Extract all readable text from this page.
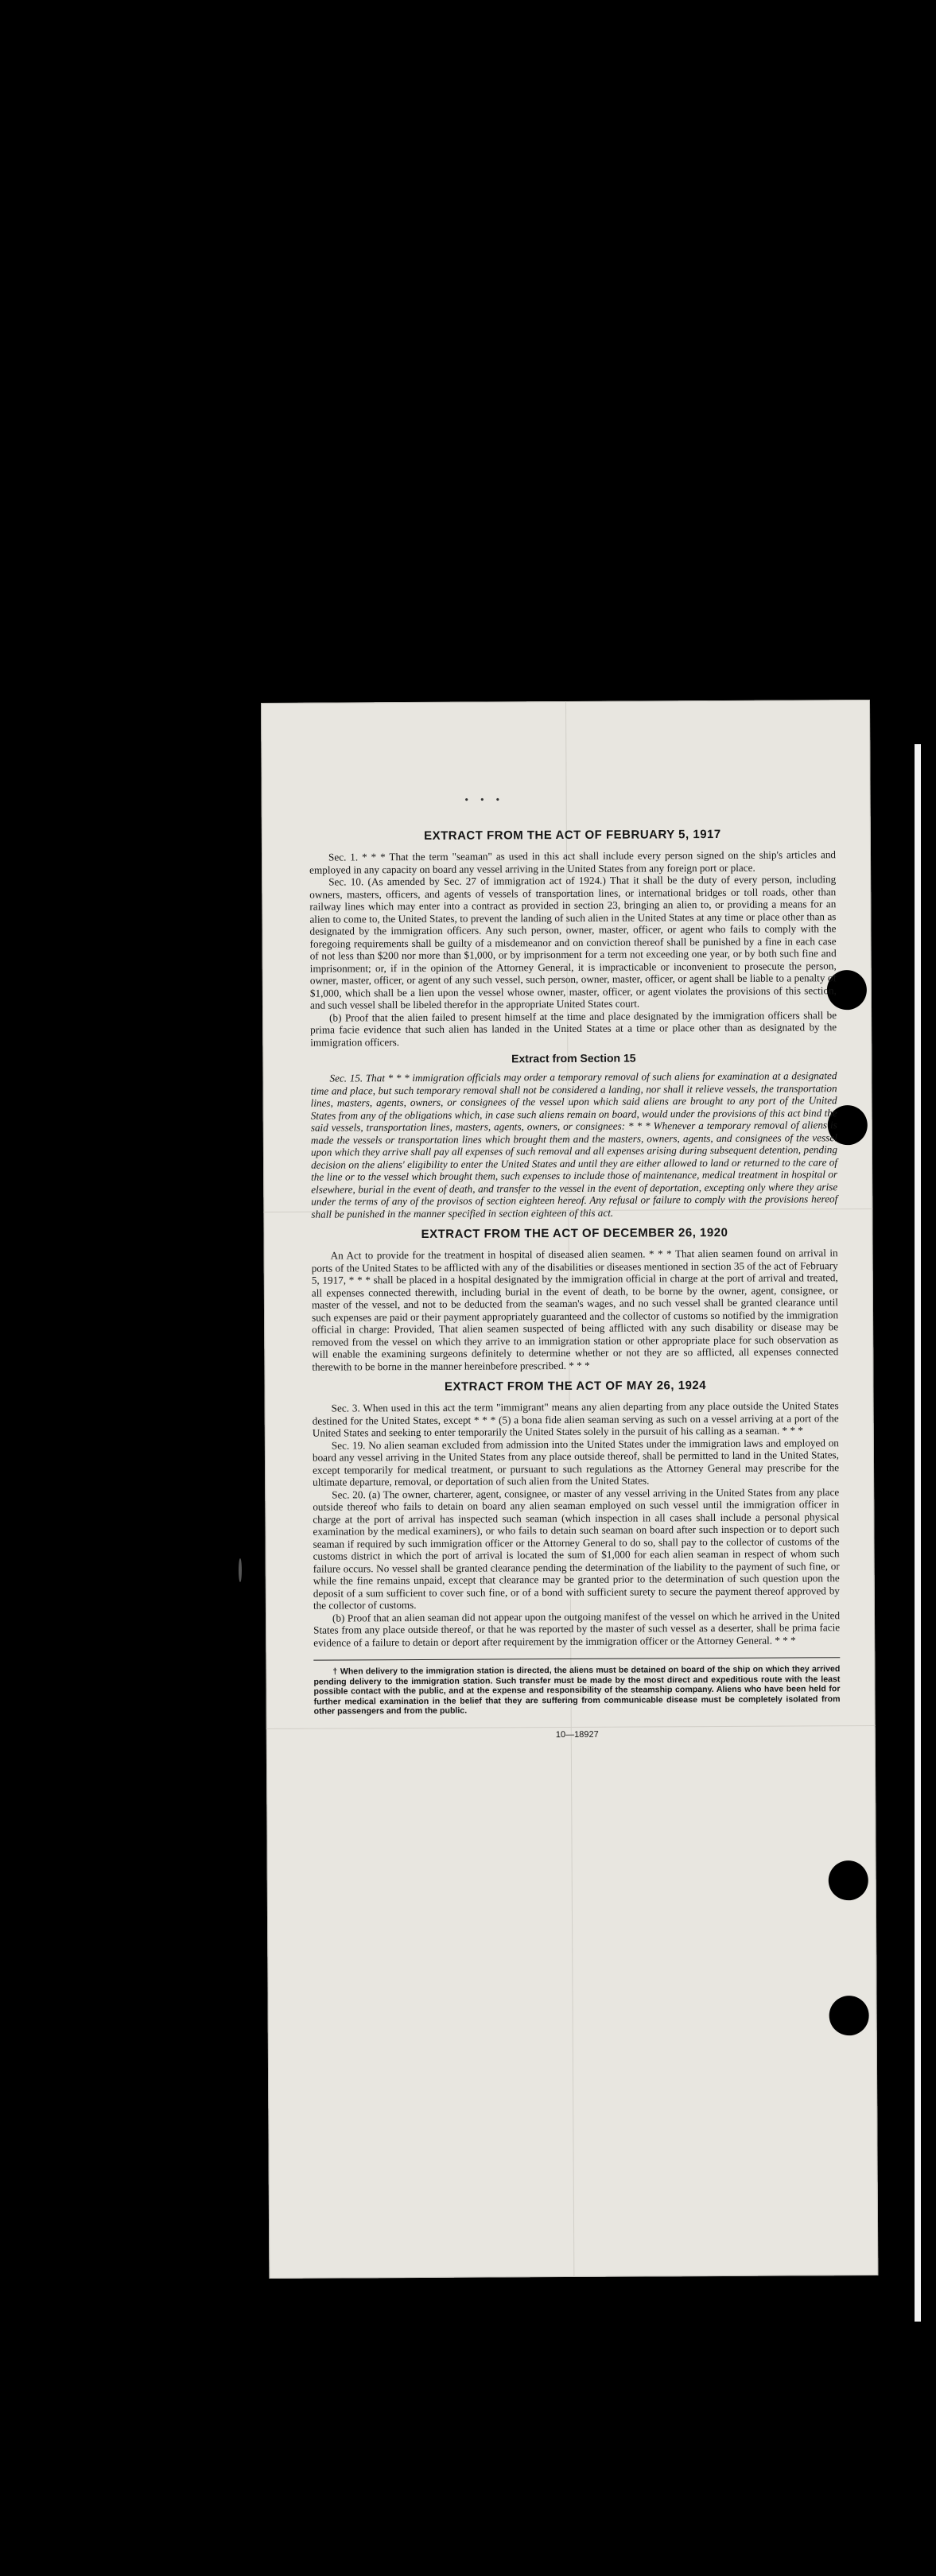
• • •
EXTRACT FROM THE ACT OF FEBRUARY 5, 1917

Sec. 1. * * * That the term "seaman" as used in this act shall include every person signed on the ship's articles and employed in any capacity on board any vessel arriving in the United States from any foreign port or place.

Sec. 10. (As amended by Sec. 27 of immigration act of 1924.) That it shall be the duty of every person, including owners, masters, officers, and agents of vessels of transportation lines, or international bridges or toll roads, other than railway lines which may enter into a contract as provided in section 23, bringing an alien to, or providing a means for an alien to come to, the United States, to prevent the landing of such alien in the United States at any time or place other than as designated by the immigration officers. Any such person, owner, master, officer, or agent who fails to comply with the foregoing requirements shall be guilty of a misdemeanor and on conviction thereof shall be punished by a fine in each case of not less than $200 nor more than $1,000, or by imprisonment for a term not exceeding one year, or by both such fine and imprisonment; or, if in the opinion of the Attorney General, it is impracticable or inconvenient to prosecute the person, owner, master, officer, or agent of any such vessel, such person, owner, master, officer, or agent shall be liable to a penalty of $1,000, which shall be a lien upon the vessel whose owner, master, officer, or agent violates the provisions of this section, and such vessel shall be libeled therefor in the appropriate United States court.

(b) Proof that the alien failed to present himself at the time and place designated by the immigration officers shall be prima facie evidence that such alien has landed in the United States at a time or place other than as designated by the immigration officers.

Extract from Section 15

Sec. 15. That * * * immigration officials may order a temporary removal of such aliens for examination at a designated time and place, but such temporary removal shall not be considered a landing, nor shall it relieve vessels, the transportation lines, masters, agents, owners, or consignees of the vessel upon which said aliens are brought to any port of the United States from any of the obligations which, in case such aliens remain on board, would under the provisions of this act bind the said vessels, transportation lines, masters, agents, owners, or consignees: * * * Whenever a temporary removal of aliens is made the vessels or transportation lines which brought them and the masters, owners, agents, and consignees of the vessel upon which they arrive shall pay all expenses of such removal and all expenses arising during subsequent detention, pending decision on the aliens' eligibility to enter the United States and until they are either allowed to land or returned to the care of the line or to the vessel which brought them, such expenses to include those of maintenance, medical treatment in hospital or elsewhere, burial in the event of death, and transfer to the vessel in the event of deportation, excepting only where they arise under the terms of any of the provisos of section eighteen hereof. Any refusal or failure to comply with the provisions hereof shall be punished in the manner specified in section eighteen of this act.

EXTRACT FROM THE ACT OF DECEMBER 26, 1920

An Act to provide for the treatment in hospital of diseased alien seamen. * * * That alien seamen found on arrival in ports of the United States to be afflicted with any of the disabilities or diseases mentioned in section 35 of the act of February 5, 1917, * * * shall be placed in a hospital designated by the immigration official in charge at the port of arrival and treated, all expenses connected therewith, including burial in the event of death, to be borne by the owner, agent, consignee, or master of the vessel, and not to be deducted from the seaman's wages, and no such vessel shall be granted clearance until such expenses are paid or their payment appropriately guaranteed and the collector of customs so notified by the immigration official in charge: Provided, That alien seamen suspected of being afflicted with any such disability or disease may be removed from the vessel on which they arrive to an immigration station or other appropriate place for such observation as will enable the examining surgeons definitely to determine whether or not they are so afflicted, all expenses connected therewith to be borne in the manner hereinbefore prescribed. * * *

EXTRACT FROM THE ACT OF MAY 26, 1924

Sec. 3. When used in this act the term "immigrant" means any alien departing from any place outside the United States destined for the United States, except * * * (5) a bona fide alien seaman serving as such on a vessel arriving at a port of the United States and seeking to enter temporarily the United States solely in the pursuit of his calling as a seaman. * * *

Sec. 19. No alien seaman excluded from admission into the United States under the immigration laws and employed on board any vessel arriving in the United States from any place outside thereof, shall be permitted to land in the United States, except temporarily for medical treatment, or pursuant to such regulations as the Attorney General may prescribe for the ultimate departure, removal, or deportation of such alien from the United States.

Sec. 20. (a) The owner, charterer, agent, consignee, or master of any vessel arriving in the United States from any place outside thereof who fails to detain on board any alien seaman employed on such vessel until the immigration officer in charge at the port of arrival has inspected such seaman (which inspection in all cases shall include a personal physical examination by the medical examiners), or who fails to detain such seaman on board after such inspection or to deport such seaman if required by such immigration officer or the Attorney General to do so, shall pay to the collector of customs of the customs district in which the port of arrival is located the sum of $1,000 for each alien seaman in respect of whom such failure occurs. No vessel shall be granted clearance pending the determination of the liability to the payment of such fine, or while the fine remains unpaid, except that clearance may be granted prior to the determination of such question upon the deposit of a sum sufficient to cover such fine, or of a bond with sufficient surety to secure the payment thereof approved by the collector of customs.

(b) Proof that an alien seaman did not appear upon the outgoing manifest of the vessel on which he arrived in the United States from any place outside thereof, or that he was reported by the master of such vessel as a deserter, shall be prima facie evidence of a failure to detain or deport after requirement by the immigration officer or the Attorney General. * * *

† When delivery to the immigration station is directed, the aliens must be detained on board of the ship on which they arrived pending delivery to the immigration station. Such transfer must be made by the most direct and expeditious route with the least possible contact with the public, and at the expense and responsibility of the steamship company. Aliens who have been held for further medical examination in the belief that they are suffering from communicable disease must be completely isolated from other passengers and from the public.

10—18927
